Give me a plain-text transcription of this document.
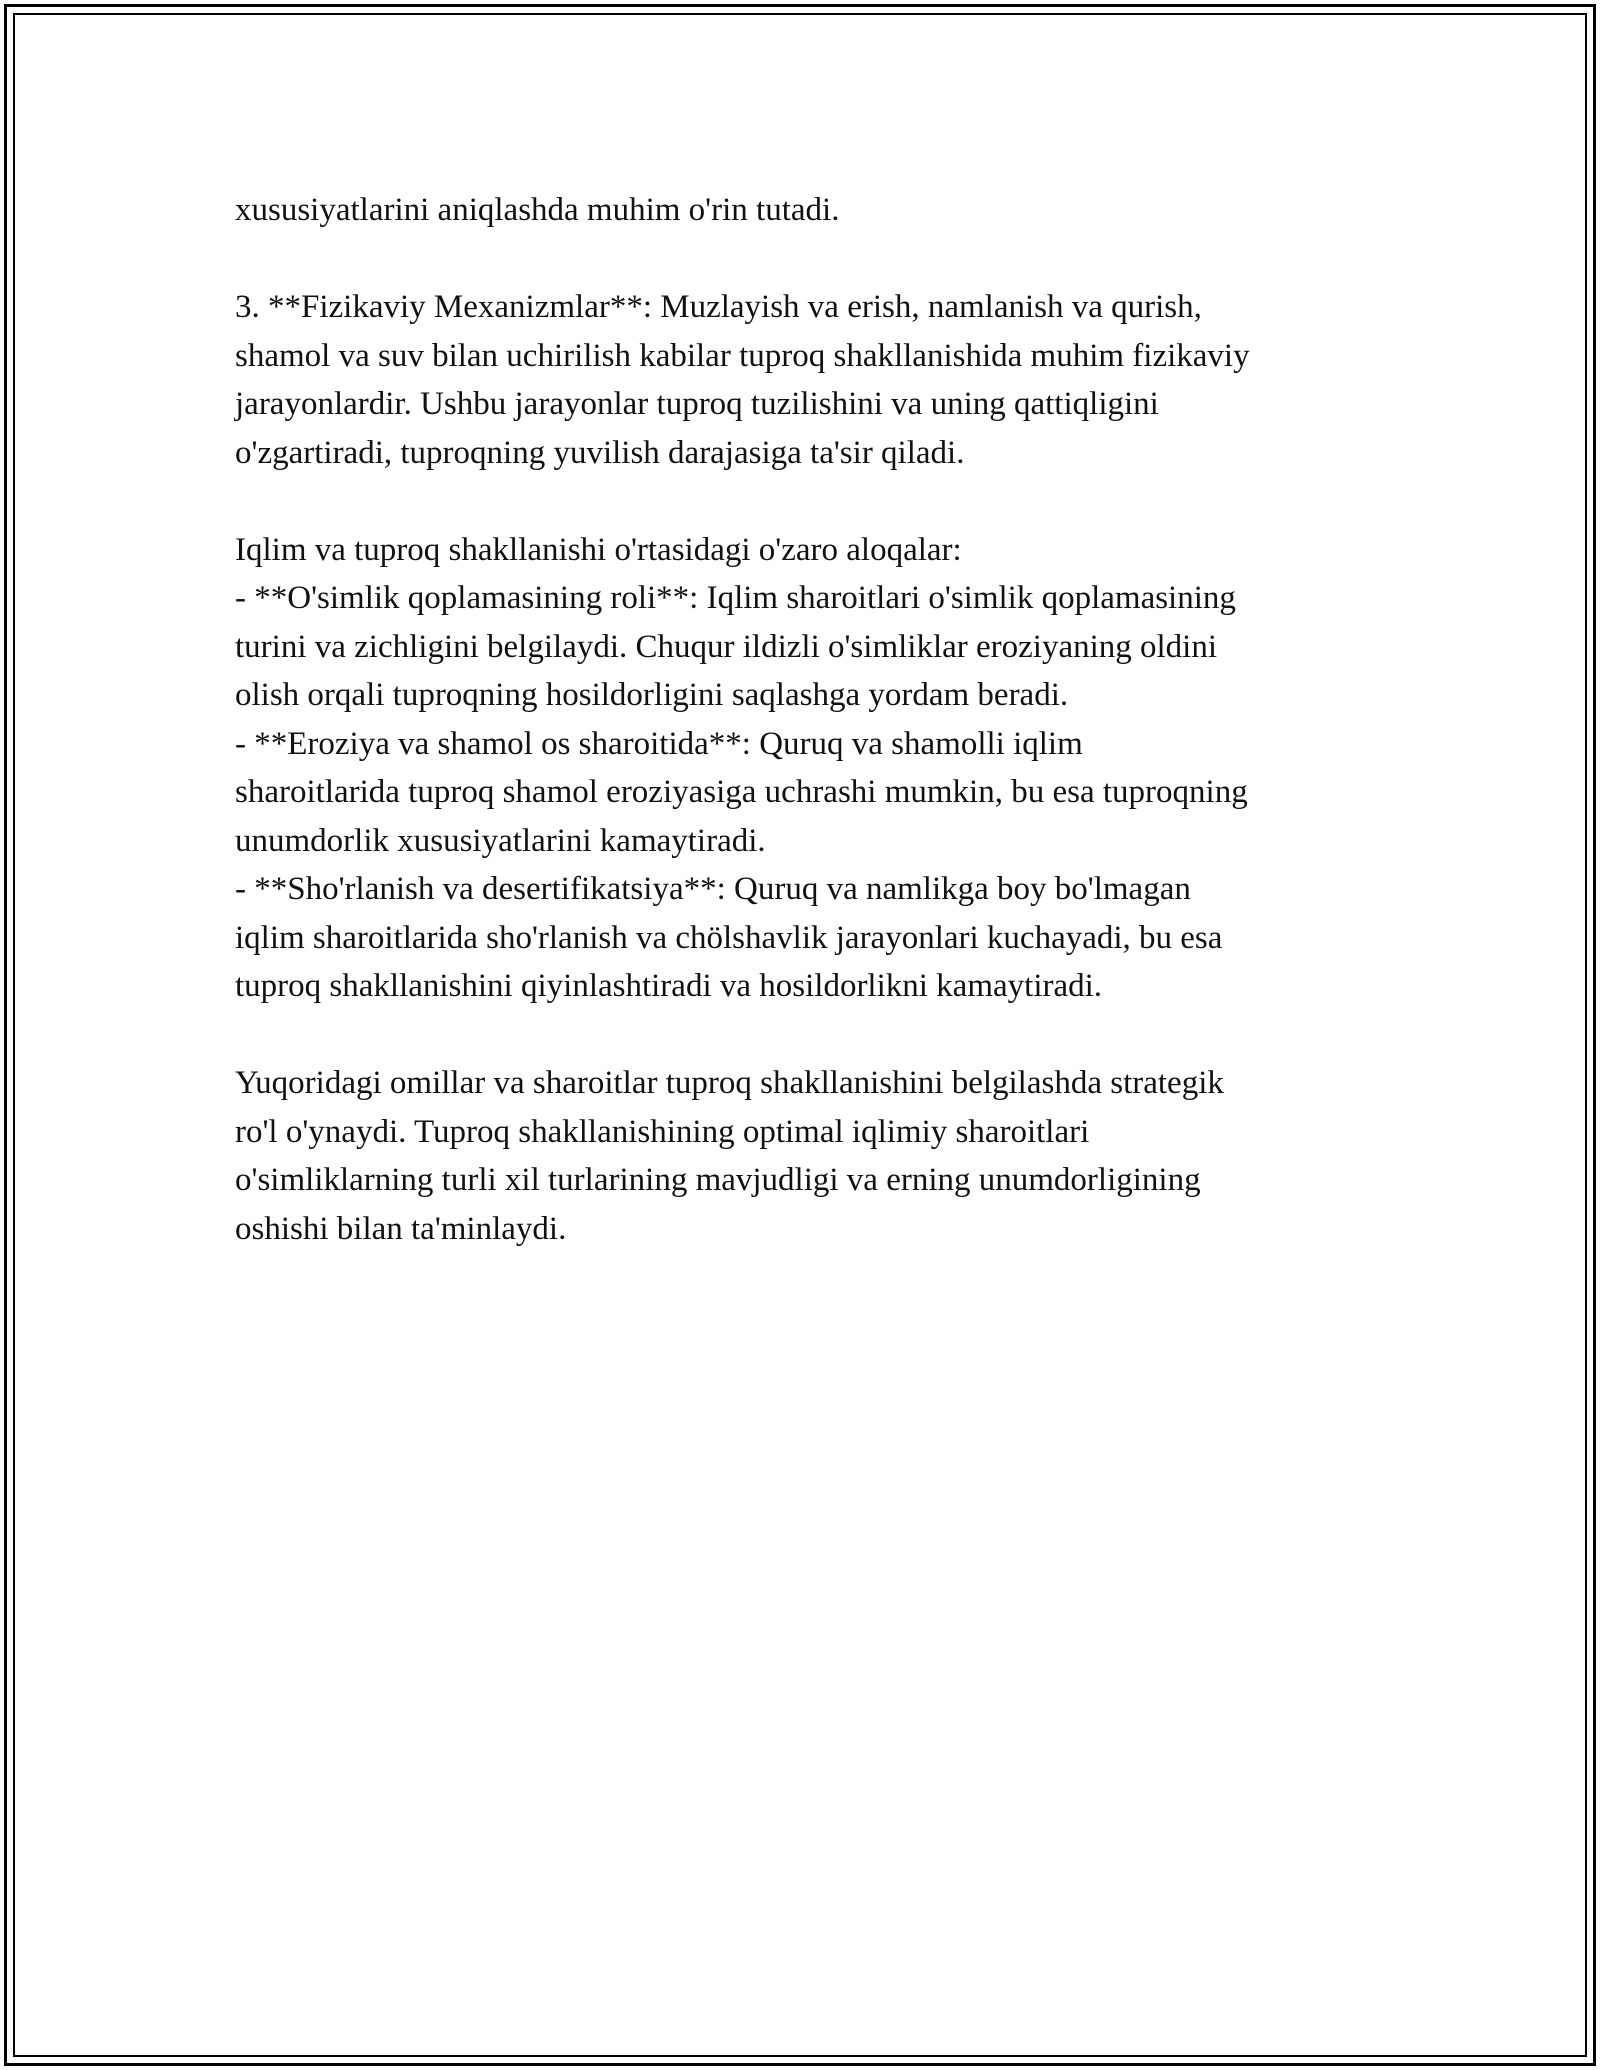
xususiyatlarini aniqlashda muhim o'rin tutadi.
3. **Fizikaviy Mexanizmlar**: Muzlayish va erish, namlanish va qurish,
shamol va suv bilan uchirilish kabilar tuproq shakllanishida muhim fizikaviy
jarayonlardir. Ushbu jarayonlar tuproq tuzilishini va uning qattiqligini
o'zgartiradi, tuproqning yuvilish darajasiga ta'sir qiladi.
Iqlim va tuproq shakllanishi o'rtasidagi o'zaro aloqalar:
- **O'simlik qoplamasining roli**: Iqlim sharoitlari o'simlik qoplamasining
turini va zichligini belgilaydi. Chuqur ildizli o'simliklar eroziyaning oldini
olish orqali tuproqning hosildorligini saqlashga yordam beradi.
- **Eroziya va shamol os sharoitida**: Quruq va shamolli iqlim
sharoitlarida tuproq shamol eroziyasiga uchrashi mumkin, bu esa tuproqning
unumdorlik xususiyatlarini kamaytiradi.
- **Sho'rlanish va desertifikatsiya**: Quruq va namlikga boy bo'lmagan
iqlim sharoitlarida sho'rlanish va chölshavlik jarayonlari kuchayadi, bu esa
tuproq shakllanishini qiyinlashtiradi va hosildorlikni kamaytiradi.
Yuqoridagi omillar va sharoitlar tuproq shakllanishini belgilashda strategik
ro'l o'ynaydi. Tuproq shakllanishining optimal iqlimiy sharoitlari
o'simliklarning turli xil turlarining mavjudligi va erning unumdorligining
oshishi bilan ta'minlaydi.
